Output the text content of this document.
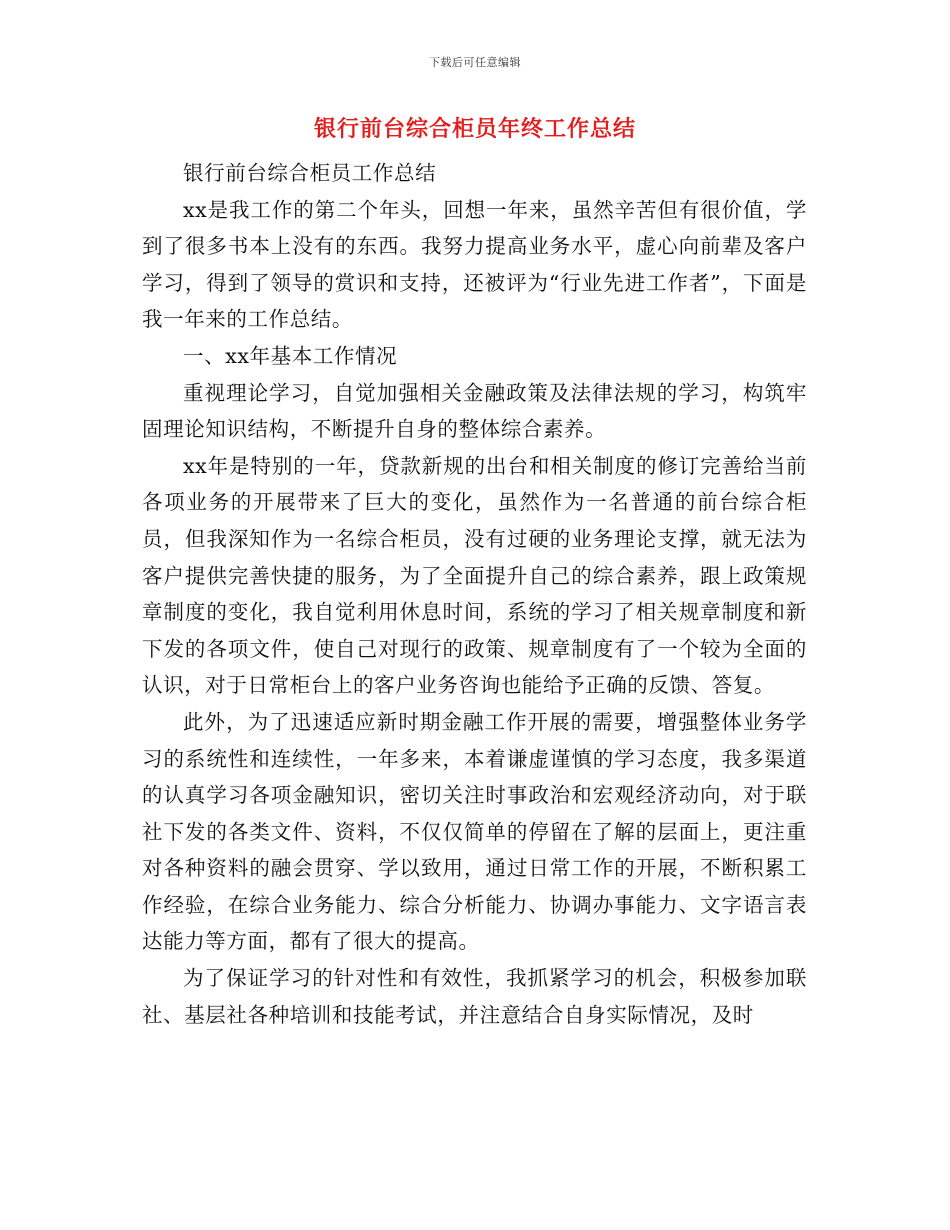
下载后可任意编辑
银行前台综合柜员年终工作总结

银行前台综合柜员工作总结

xx是我工作的第二个年头，回想一年来，虽然辛苦但有很价值，学到了很多书本上没有的东西。我努力提高业务水平，虚心向前辈及客户学习，得到了领导的赏识和支持，还被评为“行业先进工作者”，下面是我一年来的工作总结。

一、xx年基本工作情况

重视理论学习，自觉加强相关金融政策及法律法规的学习，构筑牢固理论知识结构，不断提升自身的整体综合素养。

xx年是特别的一年，贷款新规的出台和相关制度的修订完善给当前各项业务的开展带来了巨大的变化，虽然作为一名普通的前台综合柜员，但我深知作为一名综合柜员，没有过硬的业务理论支撑，就无法为客户提供完善快捷的服务，为了全面提升自己的综合素养，跟上政策规章制度的变化，我自觉利用休息时间，系统的学习了相关规章制度和新下发的各项文件，使自己对现行的政策、规章制度有了一个较为全面的认识，对于日常柜台上的客户业务咨询也能给予正确的反馈、答复。

此外，为了迅速适应新时期金融工作开展的需要，增强整体业务学习的系统性和连续性，一年多来，本着谦虚谨慎的学习态度，我多渠道的认真学习各项金融知识，密切关注时事政治和宏观经济动向，对于联社下发的各类文件、资料，不仅仅简单的停留在了解的层面上，更注重对各种资料的融会贯穿、学以致用，通过日常工作的开展，不断积累工作经验，在综合业务能力、综合分析能力、协调办事能力、文字语言表达能力等方面，都有了很大的提高。

为了保证学习的针对性和有效性，我抓紧学习的机会，积极参加联社、基层社各种培训和技能考试，并注意结合自身实际情况，及时
